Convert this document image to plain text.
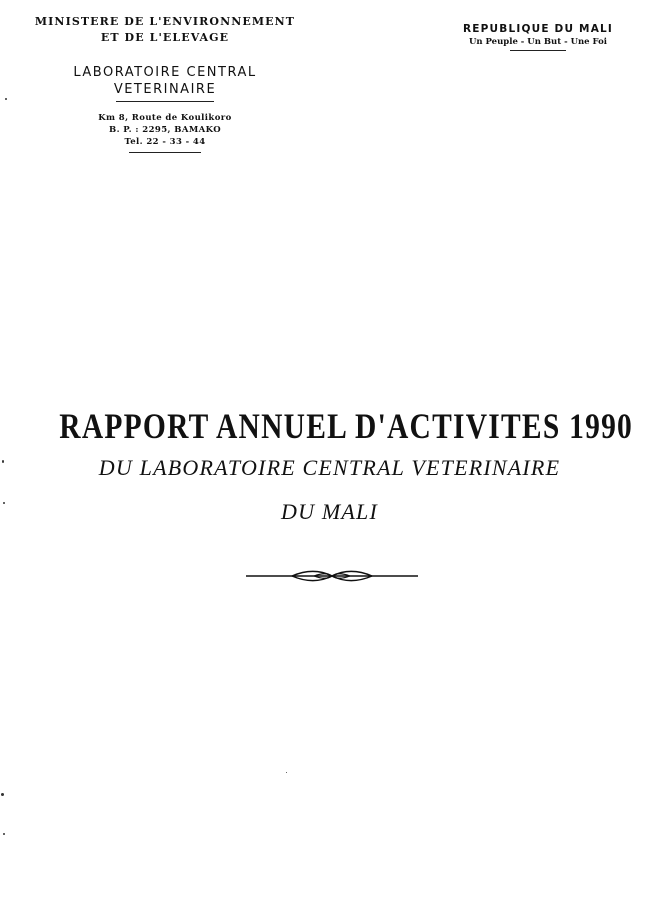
MINISTERE DE L'ENVIRONNEMENT
ET DE L'ELEVAGE
LABORATOIRE CENTRAL
VETERINAIRE
Km 8, Route de Koulikoro
B. P. : 2295, BAMAKO
Tel. 22 - 33 - 44
REPUBLIQUE DU MALI
Un Peuple - Un But - Une Foi
RAPPORT ANNUEL D'ACTIVITES 1990
DU LABORATOIRE CENTRAL VETERINAIRE
DU MALI
